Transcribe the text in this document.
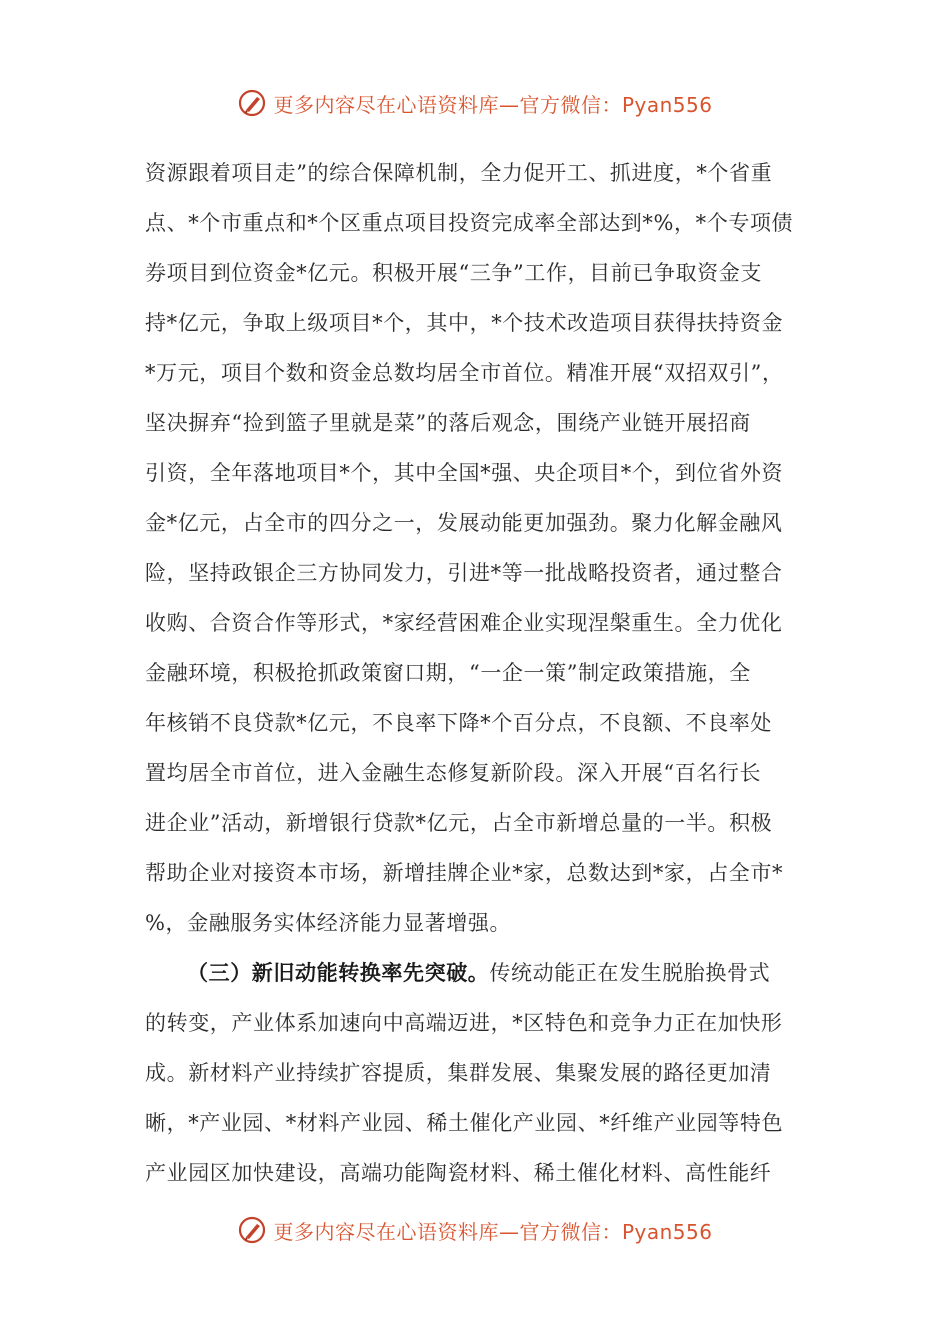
更多内容尽在心语资料库—官方微信：Pyan556
资源跟着项目走”的综合保障机制，全力促开工、抓进度，*个省重
点、*个市重点和*个区重点项目投资完成率全部达到*%，*个专项债
券项目到位资金*亿元。积极开展“三争”工作，目前已争取资金支
持*亿元，争取上级项目*个，其中，*个技术改造项目获得扶持资金
*万元，项目个数和资金总数均居全市首位。精准开展“双招双引”，
坚决摒弃“捡到篮子里就是菜”的落后观念，围绕产业链开展招商
引资，全年落地项目*个，其中全国*强、央企项目*个，到位省外资
金*亿元，占全市的四分之一，发展动能更加强劲。聚力化解金融风
险，坚持政银企三方协同发力，引进*等一批战略投资者，通过整合
收购、合资合作等形式，*家经营困难企业实现涅槃重生。全力优化
金融环境，积极抢抓政策窗口期，“一企一策”制定政策措施，全
年核销不良贷款*亿元，不良率下降*个百分点，不良额、不良率处
置均居全市首位，进入金融生态修复新阶段。深入开展“百名行长
进企业”活动，新增银行贷款*亿元，占全市新增总量的一半。积极
帮助企业对接资本市场，新增挂牌企业*家，总数达到*家，占全市*
%，金融服务实体经济能力显著增强。
（三）新旧动能转换率先突破。传统动能正在发生脱胎换骨式
的转变，产业体系加速向中高端迈进，*区特色和竞争力正在加快形
成。新材料产业持续扩容提质，集群发展、集聚发展的路径更加清
晰，*产业园、*材料产业园、稀土催化产业园、*纤维产业园等特色
产业园区加快建设，高端功能陶瓷材料、稀土催化材料、高性能纤
更多内容尽在心语资料库—官方微信：Pyan556
